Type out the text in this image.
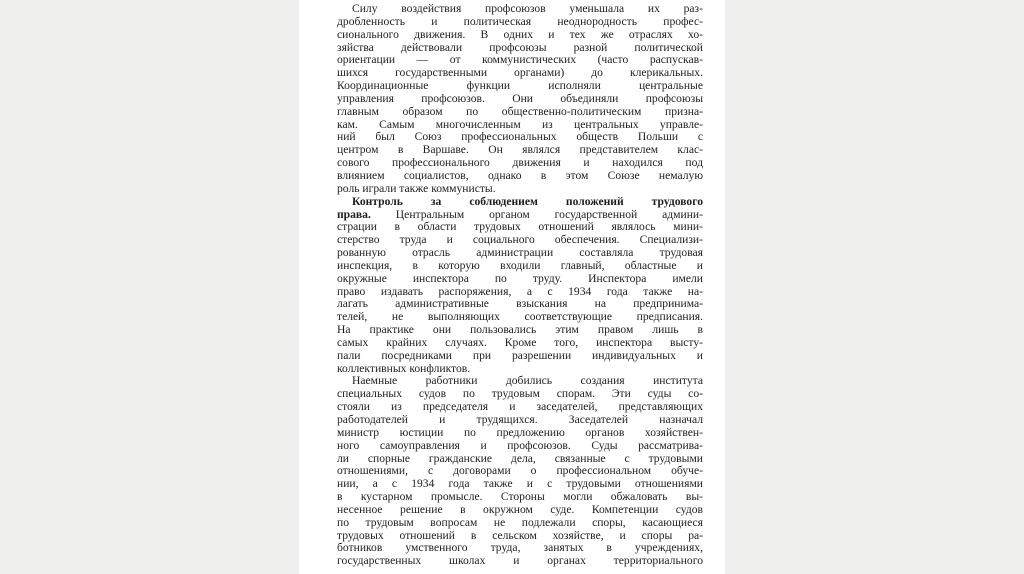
Силу воздействия профсоюзов уменьшала их раз-
дробленность и политическая неоднородность профес-
сионального движения. В одних и тех же отраслях хо-
зяйства действовали профсоюзы разной политической
ориентации — от коммунистических (часто распускав-
шихся государственными органами) до клерикальных.
Координационные функции исполняли центральные
управления профсоюзов. Они объединяли профсоюзы
главным образом по общественно-политическим призна-
кам. Самым многочисленным из центральных управле-
ний был Союз профессиональных обществ Польши с
центром в Варшаве. Он являлся представителем клас-
сового профессионального движения и находился под
влиянием социалистов, однако в этом Союзе немалую
роль играли также коммунисты.
Контроль за соблюдением положений трудового
права. Центральным органом государственной админи-
страции в области трудовых отношений являлось мини-
стерство труда и социального обеспечения. Специализи-
рованную отрасль администрации составляла трудовая
инспекция, в которую входили главный, областные и
окружные инспектора по труду. Инспектора имели
право издавать распоряжения, а с 1934 года также на-
лагать административные взыскания на предпринима-
телей, не выполняющих соответствующие предписания.
На практике они пользовались этим правом лишь в
самых крайних случаях. Кроме того, инспектора высту-
пали посредниками при разрешении индивидуальных и
коллективных конфликтов.
Наемные работники добились создания института
специальных судов по трудовым спорам. Эти суды со-
стояли из председателя и заседателей, представляющих
работодателей и трудящихся. Заседателей назначал
министр юстиции по предложению органов хозяйствен-
ного самоуправления и профсоюзов. Суды рассматрива-
ли спорные гражданские дела, связанные с трудовыми
отношениями, с договорами о профессиональном обуче-
нии, а с 1934 года также и с трудовыми отношениями
в кустарном промысле. Стороны могли обжаловать вы-
несенное решение в окружном суде. Компетенции судов
по трудовым вопросам не подлежали споры, касающиеся
трудовых отношений в сельском хозяйстве, и споры ра-
ботников умственного труда, занятых в учреждениях,
государственных школах и органах территориального
